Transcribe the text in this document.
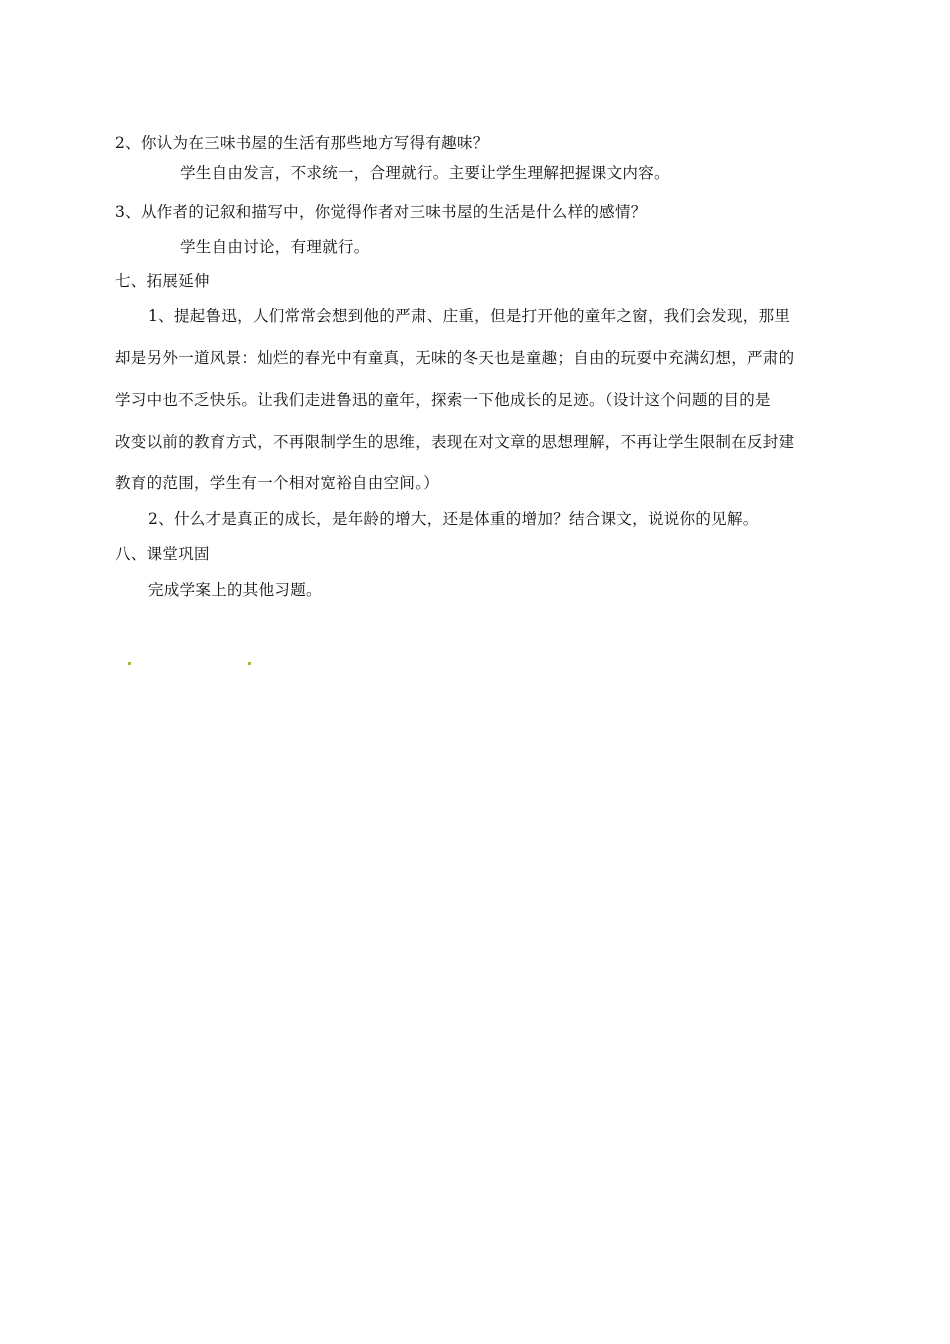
2、你认为在三味书屋的生活有那些地方写得有趣味？
学生自由发言，不求统一，合理就行。主要让学生理解把握课文内容。
3、从作者的记叙和描写中，你觉得作者对三味书屋的生活是什么样的感情？
学生自由讨论，有理就行。
七、拓展延伸
1、提起鲁迅，人们常常会想到他的严肃、庄重，但是打开他的童年之窗，我们会发现，那里
却是另外一道风景：灿烂的春光中有童真，无味的冬天也是童趣；自由的玩耍中充满幻想，严肃的
学习中也不乏快乐。让我们走进鲁迅的童年，探索一下他成长的足迹。（设计这个问题的目的是
改变以前的教育方式，不再限制学生的思维，表现在对文章的思想理解，不再让学生限制在反封建
教育的范围，学生有一个相对宽裕自由空间。）
2、什么才是真正的成长，是年龄的增大，还是体重的增加？结合课文，说说你的见解。
八、课堂巩固
完成学案上的其他习题。
